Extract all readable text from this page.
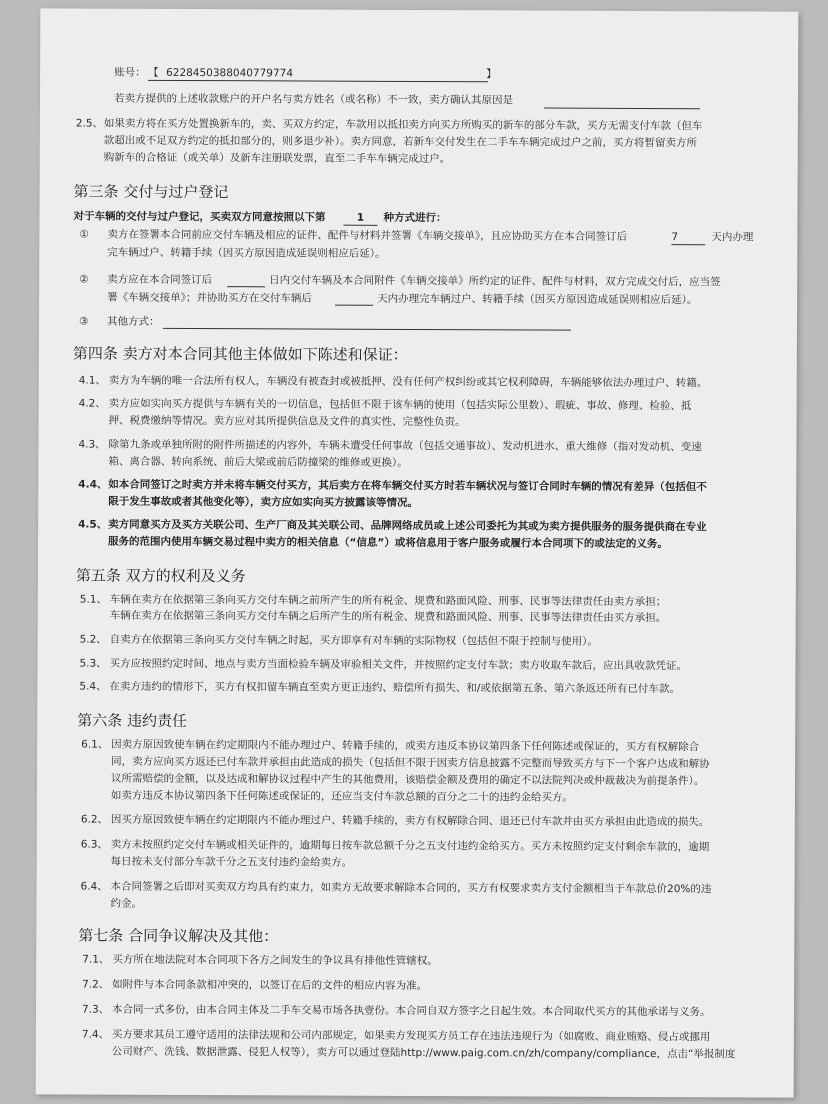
账号： 【 6228450388040779774	】
若卖方提供的上述收款账户的开户名与卖方姓名（或名称）不一致，卖方确认其原因是
2.5、 如果卖方将在买方处置换新车的，卖、买双方约定，车款用以抵扣卖方向买方所购买的新车的部分车款，买方无需支付车款（但车
款超出或不足双方约定的抵扣部分的，则多退少补）。卖方同意，若新车交付发生在二手车车辆完成过户之前，买方将暂留卖方所
购新车的合格证（或关单）及新车注册联发票，直至二手车车辆完成过户。
第三条 交付与过户登记
对于车辆的交付与过户登记，买卖双方同意按照以下第	1	种方式进行：
① 卖方在签署本合同前应交付车辆及相应的证件、配件与材料并签署《车辆交接单》，且应协助买方在本合同签订后	7	天内办理
完车辆过户、转籍手续（因买方原因造成延误则相应后延）。
② 卖方应在本合同签订后	日内交付车辆及本合同附件《车辆交接单》所约定的证件、配件与材料，双方完成交付后，应当签
署《车辆交接单》；并协助买方在交付车辆后	天内办理完车辆过户、转籍手续（因买方原因造成延误则相应后延）。
③ 其他方式：
第四条 卖方对本合同其他主体做如下陈述和保证：
4.1、 卖方为车辆的唯一合法所有权人，车辆没有被查封或被抵押、没有任何产权纠纷或其它权利障碍，车辆能够依法办理过户、转籍。
4.2、 卖方应如实向买方提供与车辆有关的一切信息，包括但不限于该车辆的使用（包括实际公里数）、瑕疵、事故、修理、检验、抵
押、税费缴纳等情况。卖方应对其所提供信息及文件的真实性、完整性负责。
4.3、 除第九条或单独所附的附件所描述的内容外，车辆未遭受任何事故（包括交通事故）、发动机进水、重大维修（指对发动机、变速
箱、离合器、转向系统、前后大梁或前后防撞梁的维修或更换）。
4.4、 如本合同签订之时卖方并未将车辆交付买方，其后卖方在将车辆交付买方时若车辆状况与签订合同时车辆的情况有差异（包括但不
限于发生事故或者其他变化等），卖方应如实向买方披露该等情况。
4.5、 卖方同意买方及买方关联公司、生产厂商及其关联公司、品牌网络成员或上述公司委托为其或为卖方提供服务的服务提供商在专业
服务的范围内使用车辆交易过程中卖方的相关信息（“信息”）或将信息用于客户服务或履行本合同项下的或法定的义务。
第五条 双方的权利及义务
5.1、 车辆在卖方在依据第三条向买方交付车辆之前所产生的所有税金、规费和路面风险、刑事、民事等法律责任由卖方承担；
车辆在卖方在依据第三条向买方交付车辆之后所产生的所有税金、规费和路面风险、刑事、民事等法律责任由买方承担。
5.2、 自卖方在依据第三条向买方交付车辆之时起，买方即享有对车辆的实际物权（包括但不限于控制与使用）。
5.3、 买方应按照约定时间、地点与卖方当面检验车辆及审验相关文件，并按照约定支付车款；卖方收取车款后，应出具收款凭证。
5.4、 在卖方违约的情形下，买方有权扣留车辆直至卖方更正违约、赔偿所有损失、和/或依据第五条、第六条返还所有已付车款。
第六条 违约责任
6.1、 因卖方原因致使车辆在约定期限内不能办理过户、转籍手续的，或卖方违反本协议第四条下任何陈述或保证的，买方有权解除合
同，卖方应向买方返还已付车款并承担由此造成的损失（包括但不限于因卖方信息披露不完整而导致买方与下一个客户达成和解协
议所需赔偿的金额，以及达成和解协议过程中产生的其他费用，该赔偿金额及费用的确定不以法院判决或仲裁裁决为前提条件）。
如卖方违反本协议第四条下任何陈述或保证的，还应当支付车款总额的百分之二十的违约金给买方。
6.2、 因买方原因致使车辆在约定期限内不能办理过户、转籍手续的，卖方有权解除合同、退还已付车款并由买方承担由此造成的损失。
6.3、 卖方未按照约定交付车辆或相关证件的，逾期每日按车款总额千分之五支付违约金给买方。买方未按照约定支付剩余车款的，逾期
每日按未支付部分车款千分之五支付违约金给卖方。
6.4、 本合同签署之后即对买卖双方均具有约束力，如卖方无故要求解除本合同的，买方有权要求卖方支付金额相当于车款总价20%的违
约金。
第七条 合同争议解决及其他：
7.1、 买方所在地法院对本合同项下各方之间发生的争议具有排他性管辖权。
7.2、 如附件与本合同条款相冲突的，以签订在后的文件的相应内容为准。
7.3、 本合同一式多份，由本合同主体及二手车交易市场各执壹份。本合同自双方签字之日起生效。本合同取代买方的其他承诺与义务。
7.4、 买方要求其员工遵守适用的法律法规和公司内部规定，如果卖方发现买方员工存在违法违规行为（如腐败、商业贿赂、侵占或挪用
公司财产、洗钱、数据泄露、侵犯人权等），卖方可以通过登陆http://www.paig.com.cn/zh/company/compliance，点击“举报制度
